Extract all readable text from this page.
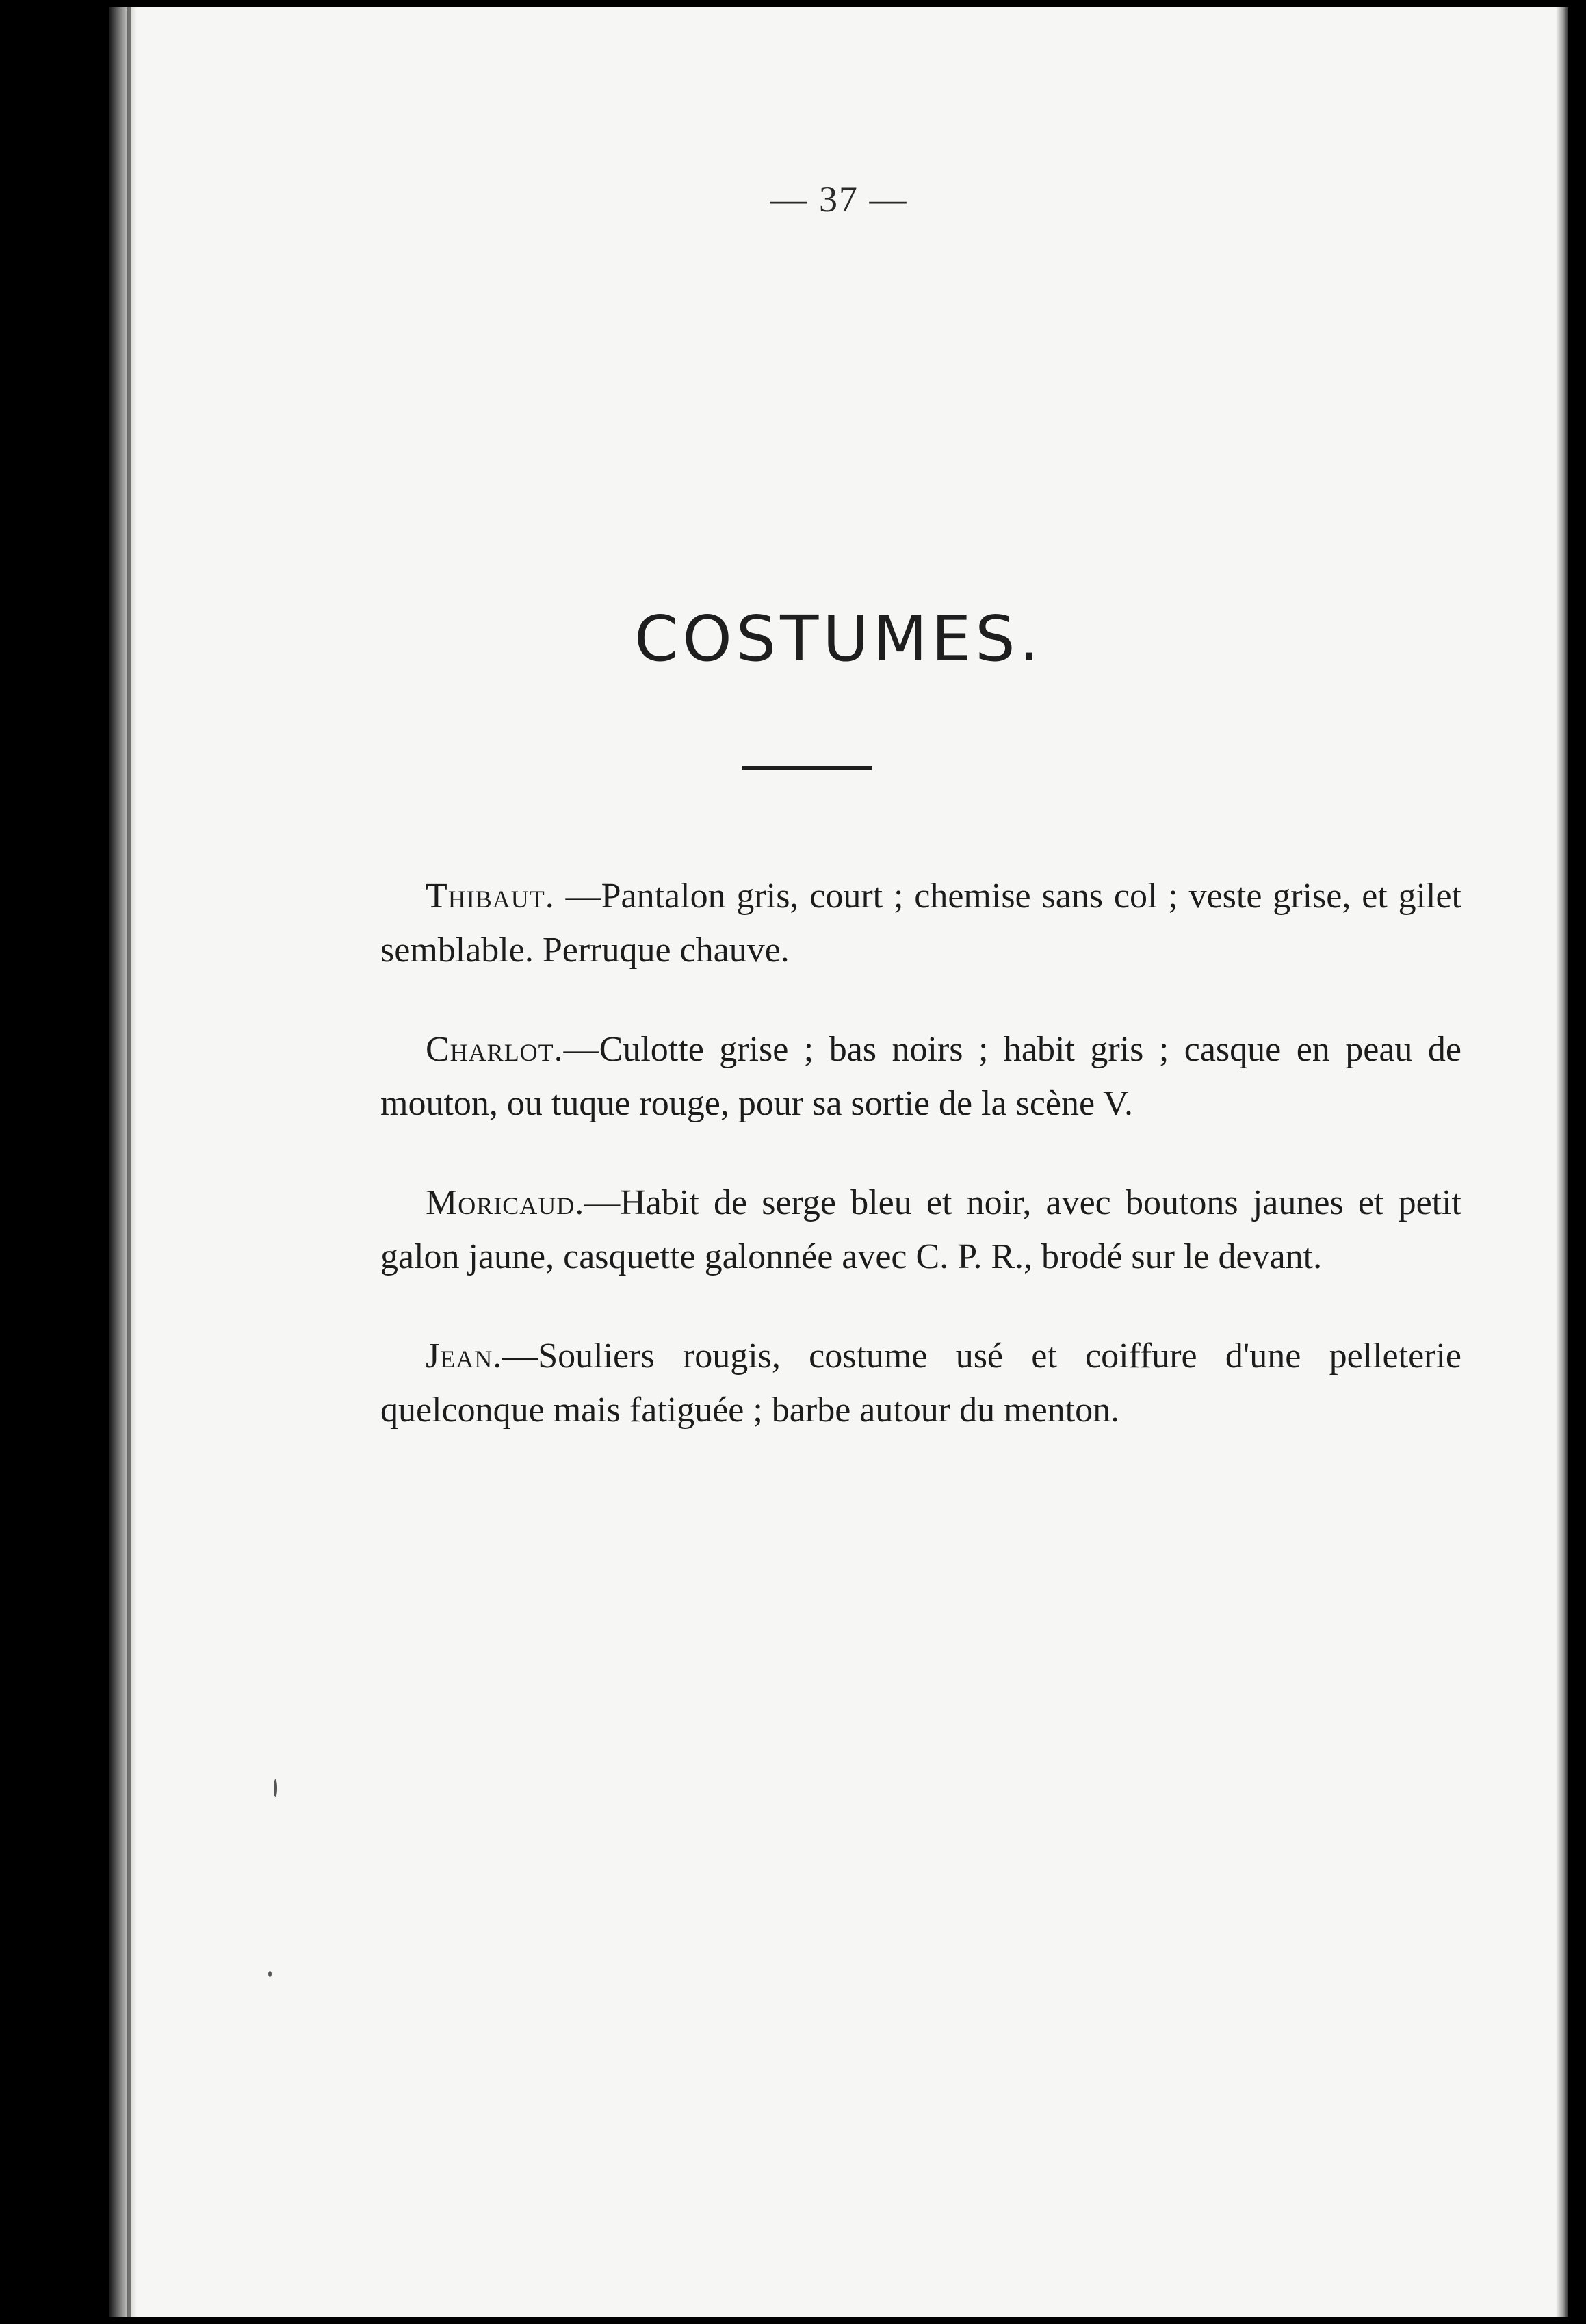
— 37 —
COSTUMES.

Thibaut. —Pantalon gris, court ; chemise sans col ; veste grise, et gilet semblable. Perruque chauve.

Charlot.—Culotte grise ; bas noirs ; habit gris ; casque en peau de mouton, ou tuque rouge, pour sa sortie de la scène V.

Moricaud.—Habit de serge bleu et noir, avec boutons jaunes et petit galon jaune, casquette galonnée avec C. P. R., brodé sur le devant.

Jean.—Souliers rougis, costume usé et coiffure d'une pelleterie quelconque mais fatiguée ; barbe autour du menton.
